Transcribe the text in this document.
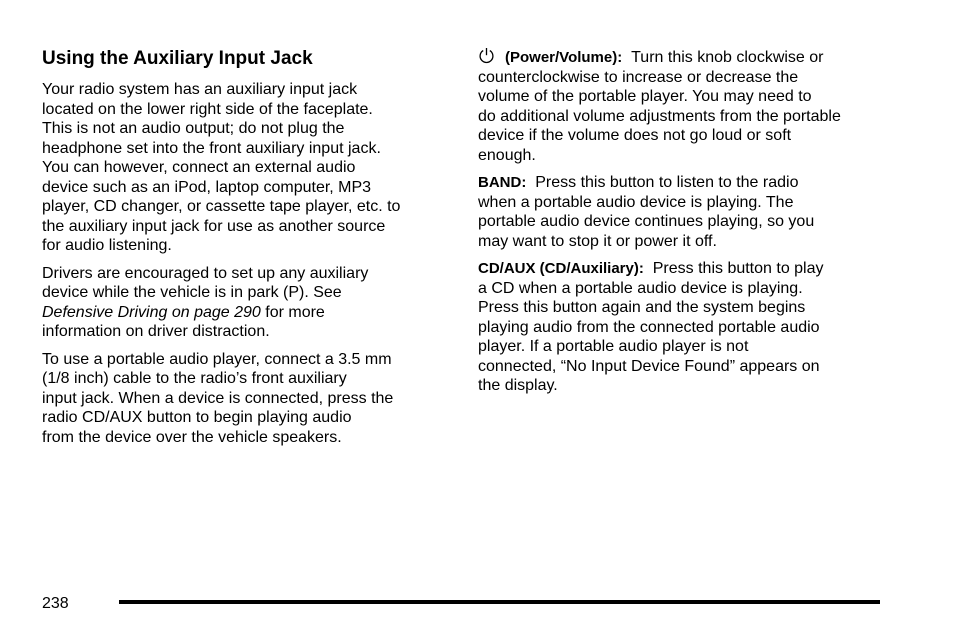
Using the Auxiliary Input Jack
Your radio system has an auxiliary input jack
located on the lower right side of the faceplate.
This is not an audio output; do not plug the
headphone set into the front auxiliary input jack.
You can however, connect an external audio
device such as an iPod, laptop computer, MP3
player, CD changer, or cassette tape player, etc. to
the auxiliary input jack for use as another source
for audio listening.
Drivers are encouraged to set up any auxiliary
device while the vehicle is in park (P). See
Defensive Driving on page 290 for more
information on driver distraction.
To use a portable audio player, connect a 3.5 mm
(1/8 inch) cable to the radio’s front auxiliary
input jack. When a device is connected, press the
radio CD/AUX button to begin playing audio
from the device over the vehicle speakers.
(Power/Volume): Turn this knob clockwise or
counterclockwise to increase or decrease the
volume of the portable player. You may need to
do additional volume adjustments from the portable
device if the volume does not go loud or soft
enough.
BAND: Press this button to listen to the radio
when a portable audio device is playing. The
portable audio device continues playing, so you
may want to stop it or power it off.
CD/AUX (CD/Auxiliary): Press this button to play
a CD when a portable audio device is playing.
Press this button again and the system begins
playing audio from the connected portable audio
player. If a portable audio player is not
connected, “No Input Device Found” appears on
the display.
238
